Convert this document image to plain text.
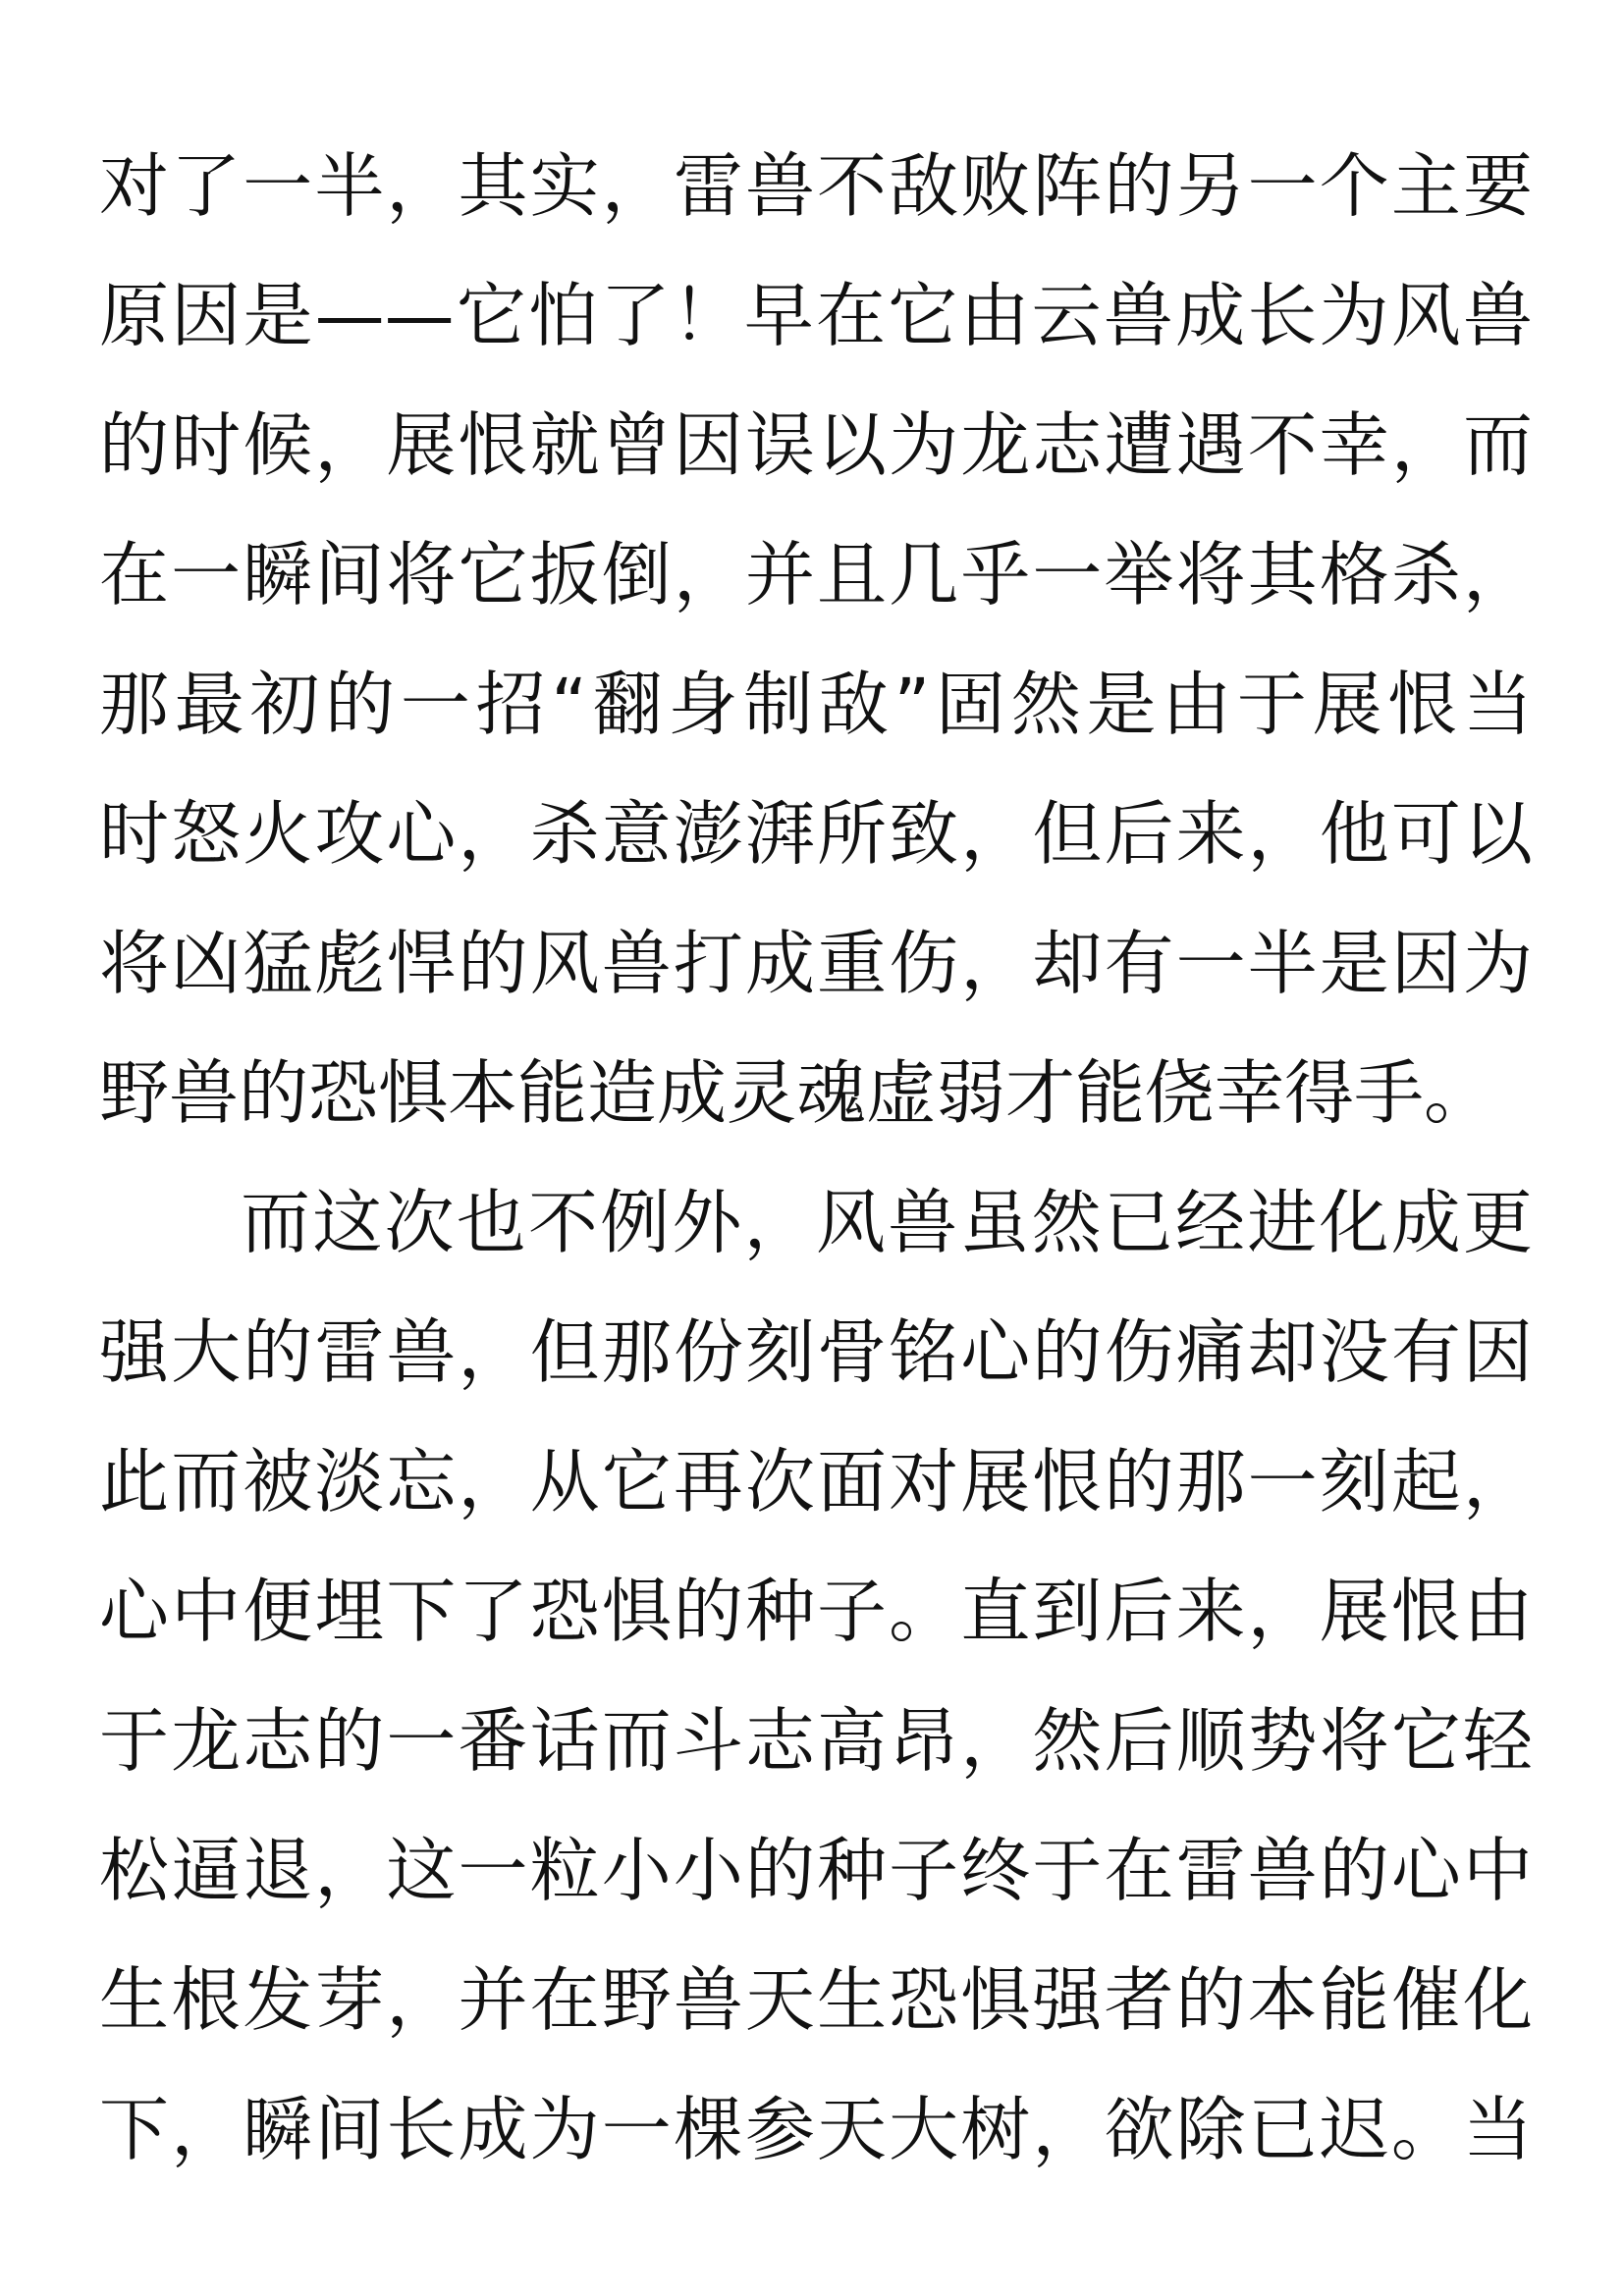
对了一半，其实，雷兽不敌败阵的另一个主要
原因是——它怕了！早在它由云兽成长为风兽
的时候，展恨就曾因误以为龙志遭遇不幸，而
在一瞬间将它扳倒，并且几乎一举将其格杀，
那最初的一招“翻身制敌”固然是由于展恨当
时怒火攻心，杀意澎湃所致，但后来，他可以
将凶猛彪悍的风兽打成重伤，却有一半是因为
野兽的恐惧本能造成灵魂虚弱才能侥幸得手。
而这次也不例外，风兽虽然已经进化成更
强大的雷兽，但那份刻骨铭心的伤痛却没有因
此而被淡忘，从它再次面对展恨的那一刻起，
心中便埋下了恐惧的种子。直到后来，展恨由
于龙志的一番话而斗志高昂，然后顺势将它轻
松逼退，这一粒小小的种子终于在雷兽的心中
生根发芽，并在野兽天生恐惧强者的本能催化
下，瞬间长成为一棵参天大树，欲除已迟。当
